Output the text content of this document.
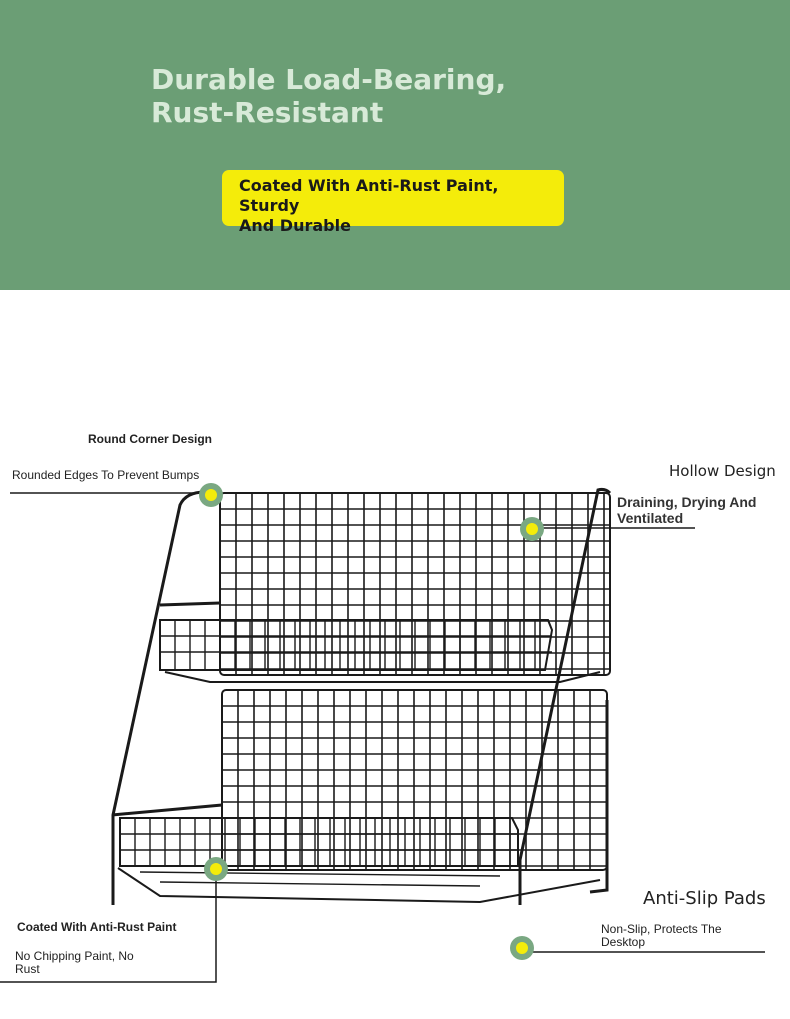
Durable Load-Bearing,
Rust-Resistant
Coated With Anti-Rust Paint, Sturdy
And Durable
Round Corner Design
Rounded Edges To Prevent Bumps	Hollow Design
Draining, Drying And
Ventilated
Coated With Anti-Rust Paint
No Chipping Paint, No
Rust
Anti-Slip Pads
Non-Slip, Protects The
Desktop
